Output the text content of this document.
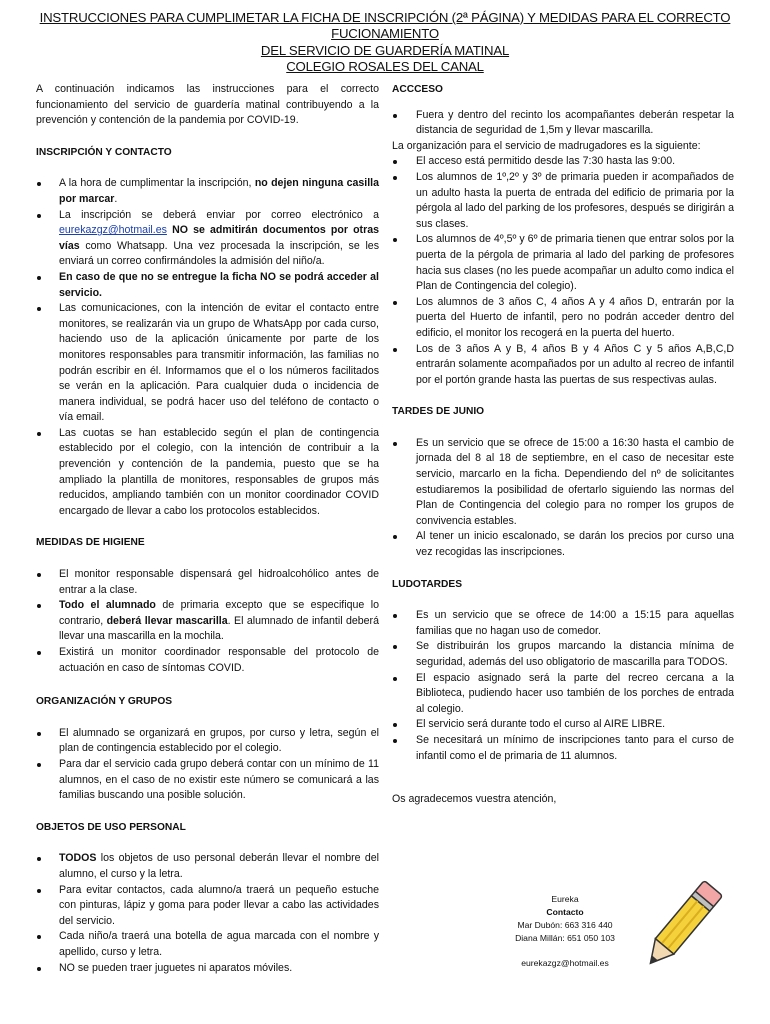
INSTRUCCIONES PARA CUMPLIMETAR LA FICHA DE INSCRIPCIÓN (2ª PÁGINA) Y MEDIDAS PARA EL CORRECTO
FUCIONAMIENTO
DEL SERVICIO DE GUARDERÍA MATINAL
COLEGIO ROSALES DEL CANAL

A continuación indicamos las instrucciones para el correcto funcionamiento del servicio de guardería matinal contribuyendo a la prevención y contención de la pandemia por COVID-19.

INSCRIPCIÓN Y CONTACTO

A la hora de cumplimentar la inscripción, no dejen ninguna casilla por marcar.
La inscripción se deberá enviar por correo electrónico a eurekazgz@hotmail.es NO se admitirán documentos por otras vías como Whatsapp. Una vez procesada la inscripción, se les enviará un correo confirmándoles la admisión del niño/a.
En caso de que no se entregue la ficha NO se podrá acceder al servicio.
Las comunicaciones, con la intención de evitar el contacto entre monitores, se realizarán via un grupo de WhatsApp por cada curso, haciendo uso de la aplicación únicamente por parte de los monitores responsables para transmitir información, las familias no podrán escribir en él. Informamos que el o los números facilitados se verán en la aplicación. Para cualquier duda o incidencia de manera individual, se podrá hacer uso del teléfono de contacto o vía email.
Las cuotas se han establecido según el plan de contingencia establecido por el colegio, con la intención de contribuir a la prevención y contención de la pandemia, puesto que se ha ampliado la plantilla de monitores, responsables de grupos más reducidos, ampliando también con un monitor coordinador COVID encargado de llevar a cabo los protocolos establecidos.

MEDIDAS DE HIGIENE

El monitor responsable dispensará gel hidroalcohólico antes de entrar a la clase.
Todo el alumnado de primaria excepto que se especifique lo contrario, deberá llevar mascarilla. El alumnado de infantil deberá llevar una mascarilla en la mochila.
Existirá un monitor coordinador responsable del protocolo de actuación en caso de síntomas COVID.

ORGANIZACIÓN Y GRUPOS

El alumnado se organizará en grupos, por curso y letra, según el plan de contingencia establecido por el colegio.
Para dar el servicio cada grupo deberá contar con un mínimo de 11 alumnos, en el caso de no existir este número se comunicará a las familias buscando una posible solución.

OBJETOS DE USO PERSONAL

TODOS los objetos de uso personal deberán llevar el nombre del alumno, el curso y la letra.
Para evitar contactos, cada alumno/a traerá un pequeño estuche con pinturas, lápiz y goma para poder llevar a cabo las actividades del servicio.
Cada niño/a traerá una botella de agua marcada con el nombre y apellido, curso y letra.
NO se pueden traer juguetes ni aparatos móviles.

ACCCESO

Fuera y dentro del recinto los acompañantes deberán respetar la distancia de seguridad de 1,5m y llevar mascarilla.

La organización para el servicio de madrugadores es la siguiente:

El acceso está permitido desde las 7:30 hasta las 9:00.
Los alumnos de 1º,2º y 3º de primaria pueden ir acompañados de un adulto hasta la puerta de entrada del edificio de primaria por la pérgola al lado del parking de los profesores, después se dirigirán a sus clases.
Los alumnos de 4º,5º y 6º de primaria tienen que entrar solos por la puerta de la pérgola de primaria al lado del parking de profesores hacia sus clases (no les puede acompañar un adulto como indica el Plan de Contingencia del colegio).
Los alumnos de 3 años C, 4 años A y 4 años D, entrarán por la puerta del Huerto de infantil, pero no podrán acceder dentro del edificio, el monitor los recogerá en la puerta del huerto.
Los de 3 años A y B, 4 años B y 4 Años C y 5 años A,B,C,D entrarán solamente acompañados por un adulto al recreo de infantil por el portón grande hasta las puertas de sus respectivas aulas.

TARDES DE JUNIO

Es un servicio que se ofrece de 15:00 a 16:30 hasta el cambio de jornada del 8 al 18 de septiembre, en el caso de necesitar este servicio, marcarlo en la ficha. Dependiendo del nº de solicitantes estudiaremos la posibilidad de ofertarlo siguiendo las normas del Plan de Contingencia del colegio para no romper los grupos de convivencia estables.
Al tener un inicio escalonado, se darán los precios por curso una vez recogidas las inscripciones.

LUDOTARDES

Es un servicio que se ofrece de 14:00 a 15:15 para aquellas familias que no hagan uso de comedor.
Se distribuirán los grupos marcando la distancia mínima de seguridad, además del uso obligatorio de mascarilla para TODOS.
El espacio asignado será la parte del recreo cercana a la Biblioteca, pudiendo hacer uso también de los porches de entrada al colegio.
El servicio será durante todo el curso al AIRE LIBRE.
Se necesitará un mínimo de inscripciones tanto para el curso de infantil como el de primaria de 11 alumnos.

Os agradecemos vuestra atención,

Eureka
Contacto
Mar Dubón: 663 316 440
Diana Millán: 651 050 103
eurekazgz@hotmail.es
